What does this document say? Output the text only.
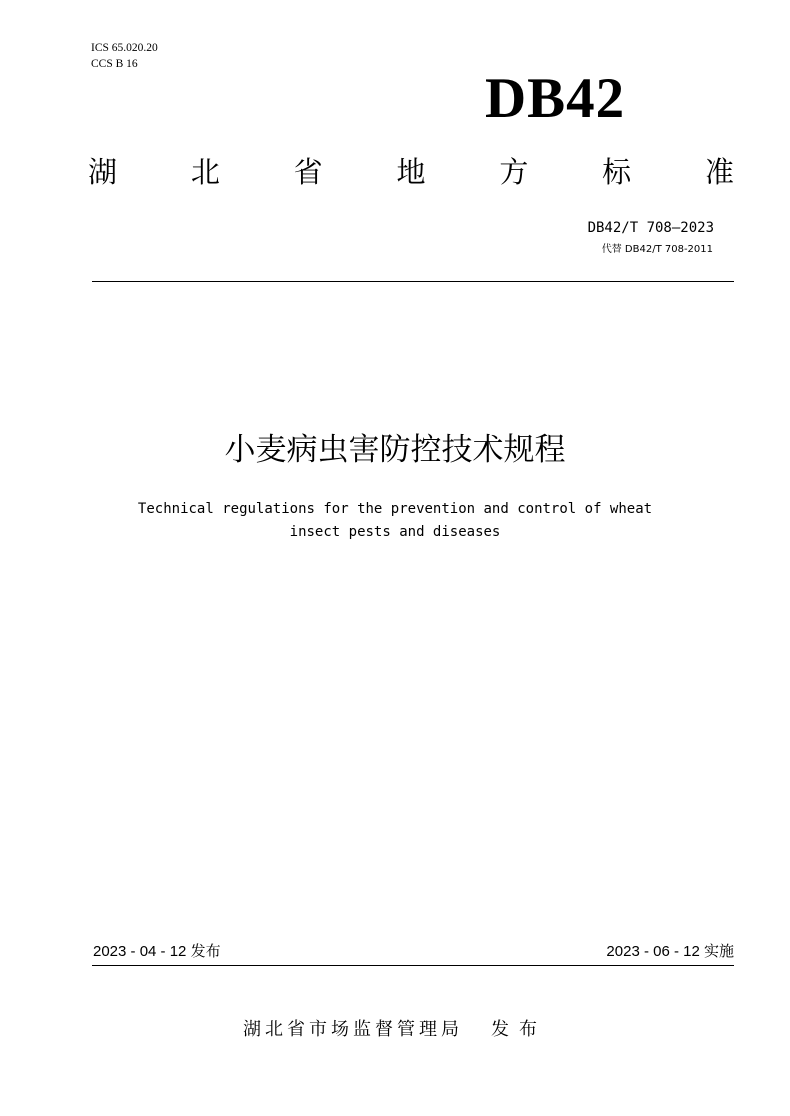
ICS 65.020.20
CCS B 16
DB42
湖	北	省	地	方	标	准
DB42/T 708—2023
代替 DB42/T 708-2011
小麦病虫害防控技术规程
Technical regulations for the prevention and control of wheat
insect pests and diseases
2023 - 04 - 12 发布	2023 - 06 - 12 实施
湖北省市场监督管理局 发布
